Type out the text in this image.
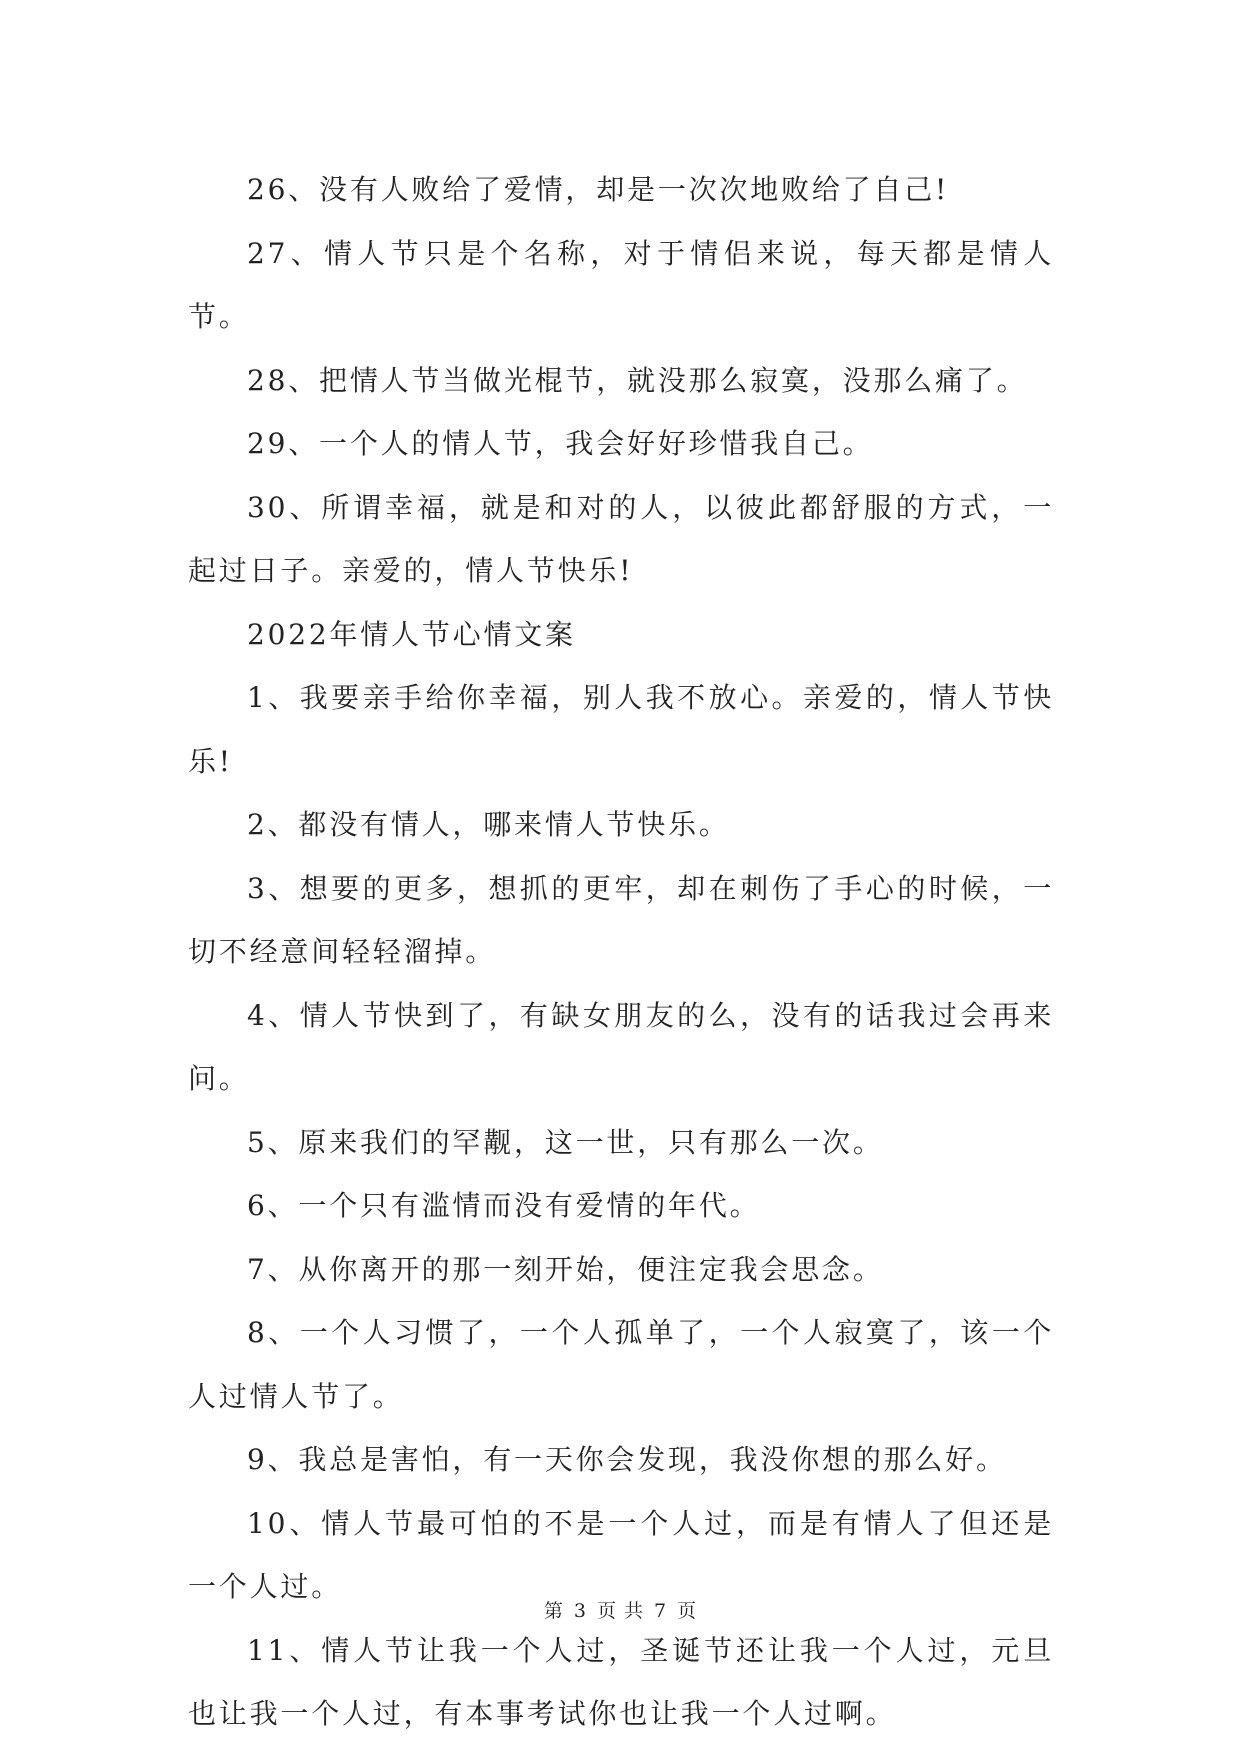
26、没有人败给了爱情，却是一次次地败给了自己!

27、情人节只是个名称，对于情侣来说，每天都是情人节。

28、把情人节当做光棍节，就没那么寂寞，没那么痛了。

29、一个人的情人节，我会好好珍惜我自己。

30、所谓幸福，就是和对的人，以彼此都舒服的方式，一起过日子。亲爱的，情人节快乐!

2022年情人节心情文案

1、我要亲手给你幸福，别人我不放心。亲爱的，情人节快乐!

2、都没有情人，哪来情人节快乐。

3、想要的更多，想抓的更牢，却在刺伤了手心的时候，一切不经意间轻轻溜掉。

4、情人节快到了，有缺女朋友的么，没有的话我过会再来问。

5、原来我们的罕觏，这一世，只有那么一次。

6、一个只有滥情而没有爱情的年代。

7、从你离开的那一刻开始，便注定我会思念。

8、一个人习惯了，一个人孤单了，一个人寂寞了，该一个人过情人节了。

9、我总是害怕，有一天你会发现，我没你想的那么好。

10、情人节最可怕的不是一个人过，而是有情人了但还是一个人过。

11、情人节让我一个人过，圣诞节还让我一个人过，元旦也让我一个人过，有本事考试你也让我一个人过啊。

第 3 页 共 7 页
